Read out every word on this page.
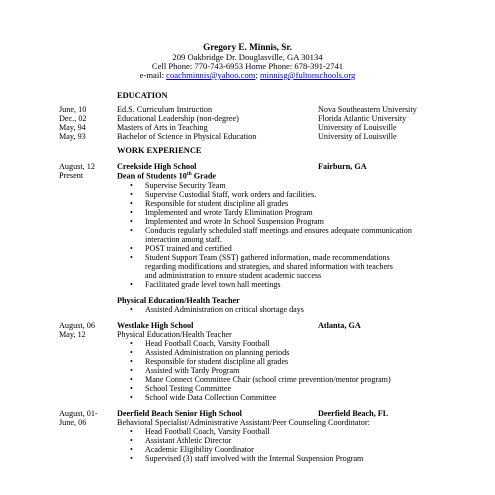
Gregory E. Minnis, Sr.
209 Oakbridge Dr. Douglasville, GA 30134
Cell Phone: 770-743-6953 Home Phone: 678-391-2741
e-mail: coachminnis@yahoo.com; minnisg@fultonschools.org
EDUCATION
June, 10	Ed.S. Curriculum Instruction	Nova Southeastern University
Dec., 02	Educational Leadership (non-degree)	Florida Atlantic University
May, 94	Masters of Arts in Teaching	University of Louisville
May, 93	Bachelor of Science in Physical Education	University of Louisville
WORK EXPERIENCE
August, 12
Present
Creekside High School	Fairburn, GA
Dean of Students 10th Grade
• Supervise Security Team
• Supervise Custodial Staff, work orders and facilities.
• Responsible for student discipline all grades
• Implemented and wrote Tardy Elimination Program
• Implemented and wrote In School Suspension Program
• Conducts regularly scheduled staff meetings and ensures adequate communication
interaction among staff.
• POST trained and certified
• Student Support Team (SST) gathered information, made recommendations
regarding modifications and strategies, and shared information with teachers
and administration to ensure student academic success
• Facilitated grade level town hall meetings
Physical Education/Health Teacher
• Assisted Administration on critical shortage days
August, 06
May, 12
Westlake High School	Atlanta, GA
Physical Education/Health Teacher
• Head Football Coach, Varsity Football
• Assisted Administration on planning periods
• Responsible for student discipline all grades
• Assisted with Tardy Program
• Mane Connect Committee Chair (school crime prevention/mentor program)
• School Testing Committee
• School wide Data Collection Committee
August, 01-
June, 06
Deerfield Beach Senior High School	Deerfield Beach, FL
Behavioral Specialist/Administrative Assistant/Peer Counseling Coordinator:
• Head Football Coach, Varsity Football
• Assistant Athletic Director
• Academic Eligibility Coordinator
• Supervised (3) staff involved with the Internal Suspension Program
